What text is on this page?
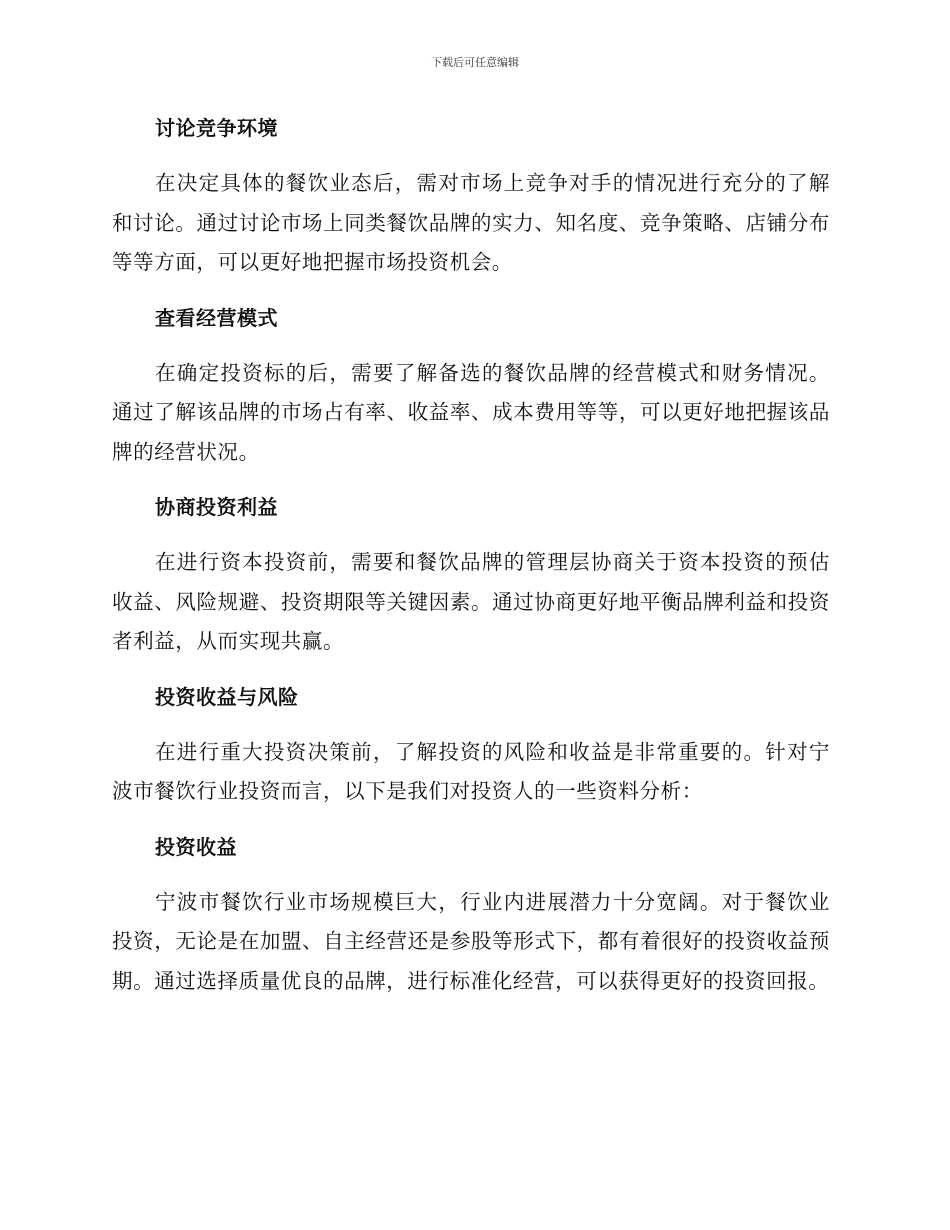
下载后可任意编辑
讨论竞争环境

在决定具体的餐饮业态后，需对市场上竞争对手的情况进行充分的了解和讨论。通过讨论市场上同类餐饮品牌的实力、知名度、竞争策略、店铺分布等等方面，可以更好地把握市场投资机会。

查看经营模式

在确定投资标的后，需要了解备选的餐饮品牌的经营模式和财务情况。通过了解该品牌的市场占有率、收益率、成本费用等等，可以更好地把握该品牌的经营状况。

协商投资利益

在进行资本投资前，需要和餐饮品牌的管理层协商关于资本投资的预估收益、风险规避、投资期限等关键因素。通过协商更好地平衡品牌利益和投资者利益，从而实现共赢。

投资收益与风险

在进行重大投资决策前，了解投资的风险和收益是非常重要的。针对宁波市餐饮行业投资而言，以下是我们对投资人的一些资料分析：

投资收益

宁波市餐饮行业市场规模巨大，行业内进展潜力十分宽阔。对于餐饮业投资，无论是在加盟、自主经营还是参股等形式下，都有着很好的投资收益预期。通过选择质量优良的品牌，进行标准化经营，可以获得更好的投资回报。
